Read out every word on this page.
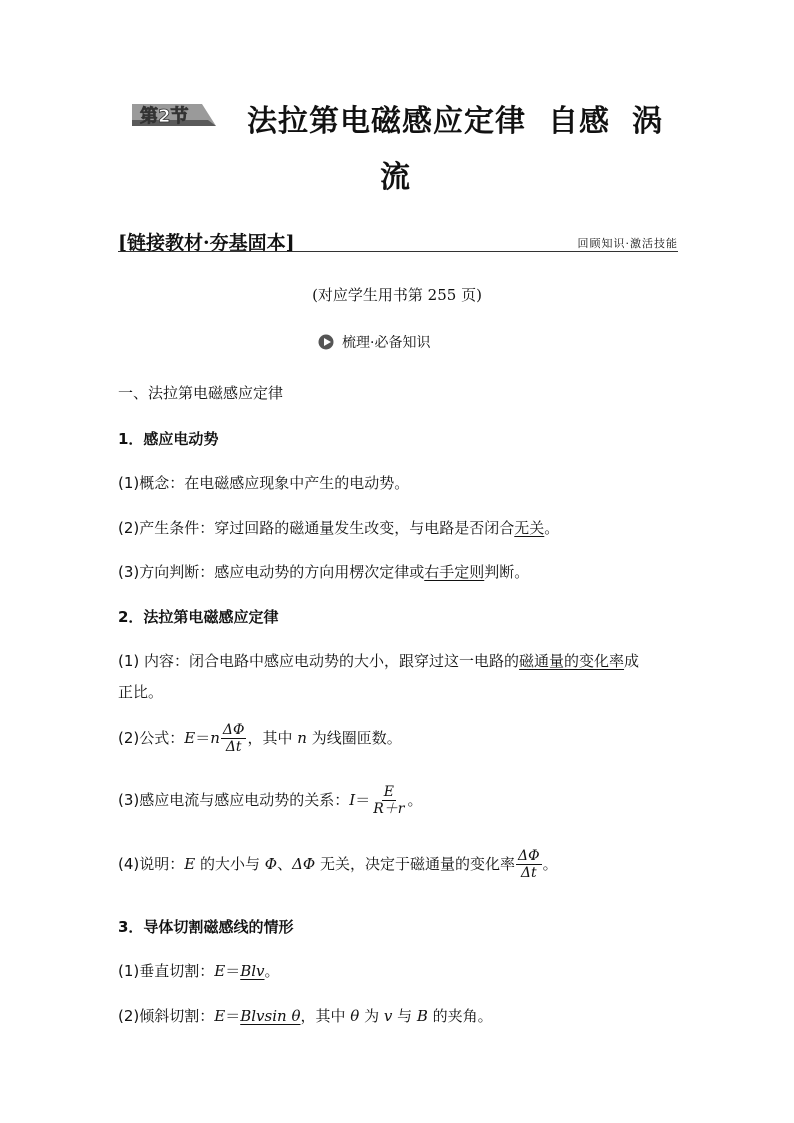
第2节 法拉第电磁感应定律 自感 涡
流
[链接教材·夯基固本]	回顾知识·激活技能
(对应学生用书第 255 页)
梳理·必备知识
一、法拉第电磁感应定律
1．感应电动势
(1)概念：在电磁感应现象中产生的电动势。
(2)产生条件：穿过回路的磁通量发生改变，与电路是否闭合无关。
(3)方向判断：感应电动势的方向用楞次定律或右手定则判断。
2．法拉第电磁感应定律
(1) 内容：闭合电路中感应电动势的大小，跟穿过这一电路的磁通量的变化率成
正比。
(2)公式：$E=n \frac{\Delta\Phi}{\Delta t}$ ，其中 n 为线圈匝数。
(3)感应电流与感应电动势的关系：$I= \frac{E}{R+r}$ 。
(4)说明：E 的大小与 Φ、ΔΦ 无关，决定于磁通量的变化率 $\frac{\Delta\Phi}{\Delta t}$ 。
3．导体切割磁感线的情形
(1)垂直切割：E＝Blv。
(2)倾斜切割：E＝Blvsin θ，其中 θ 为 v 与 B 的夹角。
